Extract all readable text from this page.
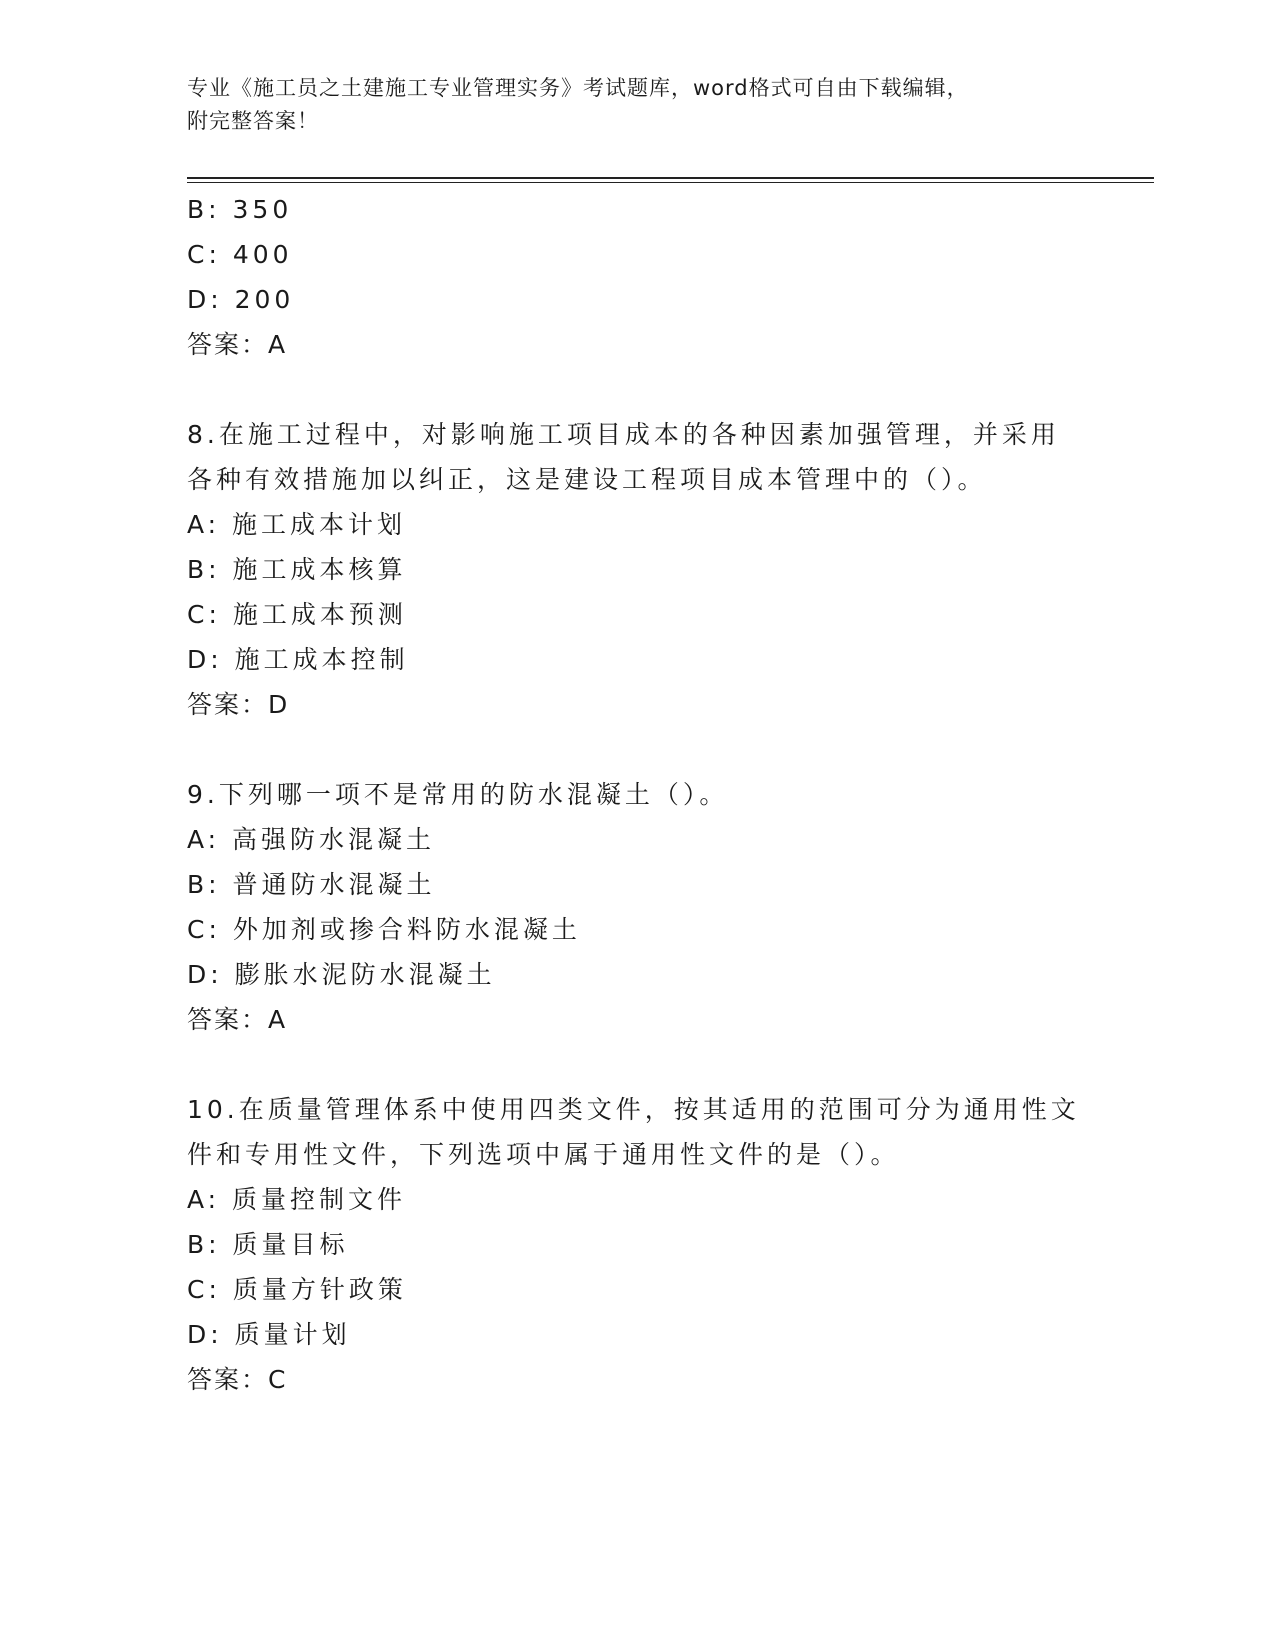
专业《施工员之土建施工专业管理实务》考试题库，word格式可自由下载编辑，
附完整答案！
B: 350
C: 400
D: 200
答案：A
8.在施工过程中，对影响施工项目成本的各种因素加强管理，并采用
各种有效措施加以纠正，这是建设工程项目成本管理中的（）。
A: 施工成本计划
B: 施工成本核算
C: 施工成本预测
D: 施工成本控制
答案：D
9.下列哪一项不是常用的防水混凝土（）。
A: 高强防水混凝土
B: 普通防水混凝土
C: 外加剂或掺合料防水混凝土
D: 膨胀水泥防水混凝土
答案：A
10.在质量管理体系中使用四类文件，按其适用的范围可分为通用性文
件和专用性文件，下列选项中属于通用性文件的是（）。
A: 质量控制文件
B: 质量目标
C: 质量方针政策
D: 质量计划
答案：C
